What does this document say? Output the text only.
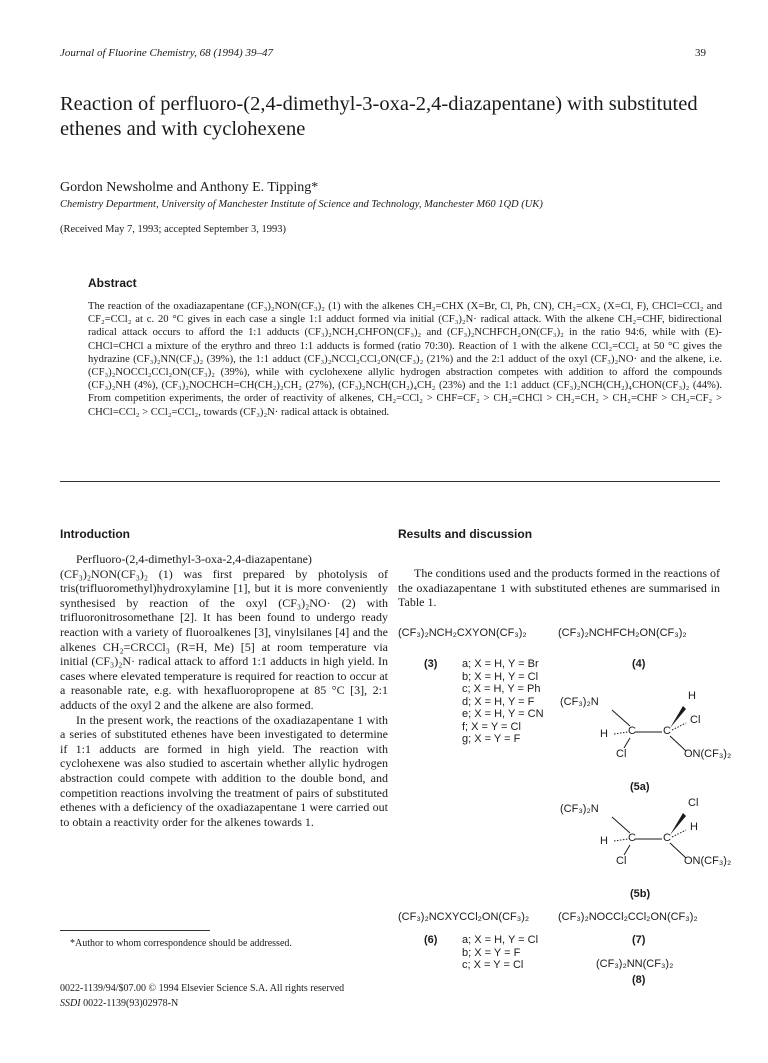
Journal of Fluorine Chemistry, 68 (1994) 39–47	39
Reaction of perfluoro-(2,4-dimethyl-3-oxa-2,4-diazapentane) with substituted ethenes and with cyclohexene
Gordon Newsholme and Anthony E. Tipping*
Chemistry Department, University of Manchester Institute of Science and Technology, Manchester M60 1QD (UK)
(Received May 7, 1993; accepted September 3, 1993)
Abstract

The reaction of the oxadiazapentane (CF₃)₂NON(CF₃)₂ (1) with the alkenes CH₂=CHX (X=Br, Cl, Ph, CN), CH₂=CX₂ (X=Cl, F), CHCl=CCl₂ and CF₂=CCl₂ at c. 20 °C gives in each case a single 1:1 adduct formed via initial (CF₃)₂N· radical attack. With the alkene CH₂=CHF, bidirectional radical attack occurs to afford the 1:1 adducts (CF₃)₂NCH₂CHFON(CF₃)₂ and (CF₃)₂NCHFCH₂ON(CF₃)₂ in the ratio 94:6, while with (E)-CHCl=CHCl a mixture of the erythro and threo 1:1 adducts is formed (ratio 70:30). Reaction of 1 with the alkene CCl₂=CCl₂ at 50 °C gives the hydrazine (CF₃)₂NN(CF₃)₂ (39%), the 1:1 adduct (CF₃)₂NCCl₂CCl₂ON(CF₃)₂ (21%) and the 2:1 adduct of the oxyl (CF₃)₂NO· and the alkene, i.e. (CF₃)₂NOCCl₂CCl₂ON(CF₃)₂ (39%), while with cyclohexene allylic hydrogen abstraction competes with addition to afford the compounds (CF₃)₂NH (4%), (CF₃)₂NOCHCH=CH(CH₂)₂CH₂ (27%), (CF₃)₂NCH(CH₂)₄CH₂ (23%) and the 1:1 adduct (CF₃)₂NCH(CH₂)₄CHON(CF₃)₂ (44%). From competition experiments, the order of reactivity of alkenes, CH₂=CCl₂ > CHF=CF₂ > CH₂=CHCl > CH₂=CH₂ > CH₂=CHF > CH₂=CF₂ > CHCl=CCl₂ > CCl₂=CCl₂, towards (CF₃)₂N· radical attack is obtained.

Introduction

Perfluoro-(2,4-dimethyl-3-oxa-2,4-diazapentane) (CF₃)₂NON(CF₃)₂ (1) was first prepared by photolysis of tris(trifluoromethyl)hydroxylamine [1], but it is more conveniently synthesised by reaction of the oxyl (CF₃)₂NO· (2) with trifluoronitrosomethane [2]. It has been found to undergo ready reaction with a variety of fluoroalkenes [3], vinylsilanes [4] and the alkenes CH₂=CRCCl₃ (R=H, Me) [5] at room temperature via initial (CF₃)₂N· radical attack to afford 1:1 adducts in high yield. In cases where elevated temperature is required for reaction to occur at a reasonable rate, e.g. with hexafluoropropene at 85 °C [3], 2:1 adducts of the oxyl 2 and the alkene are also formed.

In the present work, the reactions of the oxadiazapentane 1 with a series of substituted ethenes have been investigated to determine if 1:1 adducts are formed in high yield. The reaction with cyclohexene was also studied to ascertain whether allylic hydrogen abstraction could compete with addition to the double bond, and competition reactions involving the treatment of pairs of substituted ethenes with a deficiency of the oxadiazapentane 1 were carried out to obtain a reactivity order for the alkenes towards 1.

Results and discussion
The conditions used and the products formed in the reactions of the oxadiazapentane 1 with substituted ethenes are summarised in Table 1.
(CF₃)₂NCH₂CXYON(CF₃)₂	(CF₃)₂NCHFCH₂ON(CF₃)₂
(3) a; X = H, Y = Br
b; X = H, Y = Cl
c; X = H, Y = Ph
d; X = H, Y = F
e; X = H, Y = CN
f; X = Y = Cl
g; X = Y = F
(4)
(CF₃)₂N	H
Cl
H C C
Cl	ON(CF₃)₂
(5a)
(CF₃)₂N	Cl
H
H C C
Cl	ON(CF₃)₂
(5b)
(CF₃)₂NCXYCCl₂ON(CF₃)₂	(CF₃)₂NOCCl₂CCl₂ON(CF₃)₂
(6) a; X = H, Y = Cl
b; X = Y = F
c; X = Y = Cl
(7)
(CF₃)₂NN(CF₃)₂
(8)
*Author to whom correspondence should be addressed.
0022-1139/94/$07.00 © 1994 Elsevier Science S.A. All rights reserved
SSDI 0022-1139(93)02978-N
